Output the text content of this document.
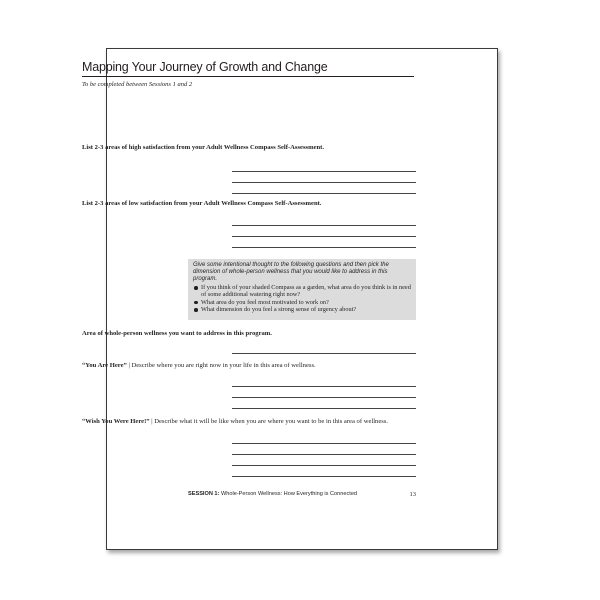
Mapping Your Journey of Growth and Change
To be completed between Sessions 1 and 2
List 2-3 areas of high satisfaction from your Adult Wellness Compass Self-Assessment.
List 2-3 areas of low satisfaction from your Adult Wellness Compass Self-Assessment.
Give some intentional thought to the following questions and then pick the dimension of whole-person wellness that you would like to address in this program.
If you think of your shaded Compass as a garden, what area do you think is in need of some additional watering right now?
What area do you feel most motivated to work on?
What dimension do you feel a strong sense of urgency about?
Area of whole-person wellness you want to address in this program.
“You Are Here” | Describe where you are right now in your life in this area of wellness.
“Wish You Were Here!” | Describe what it will be like when you are where you want to be in this area of wellness.
SESSION 1: Whole-Person Wellness: How Everything is Connected	13
